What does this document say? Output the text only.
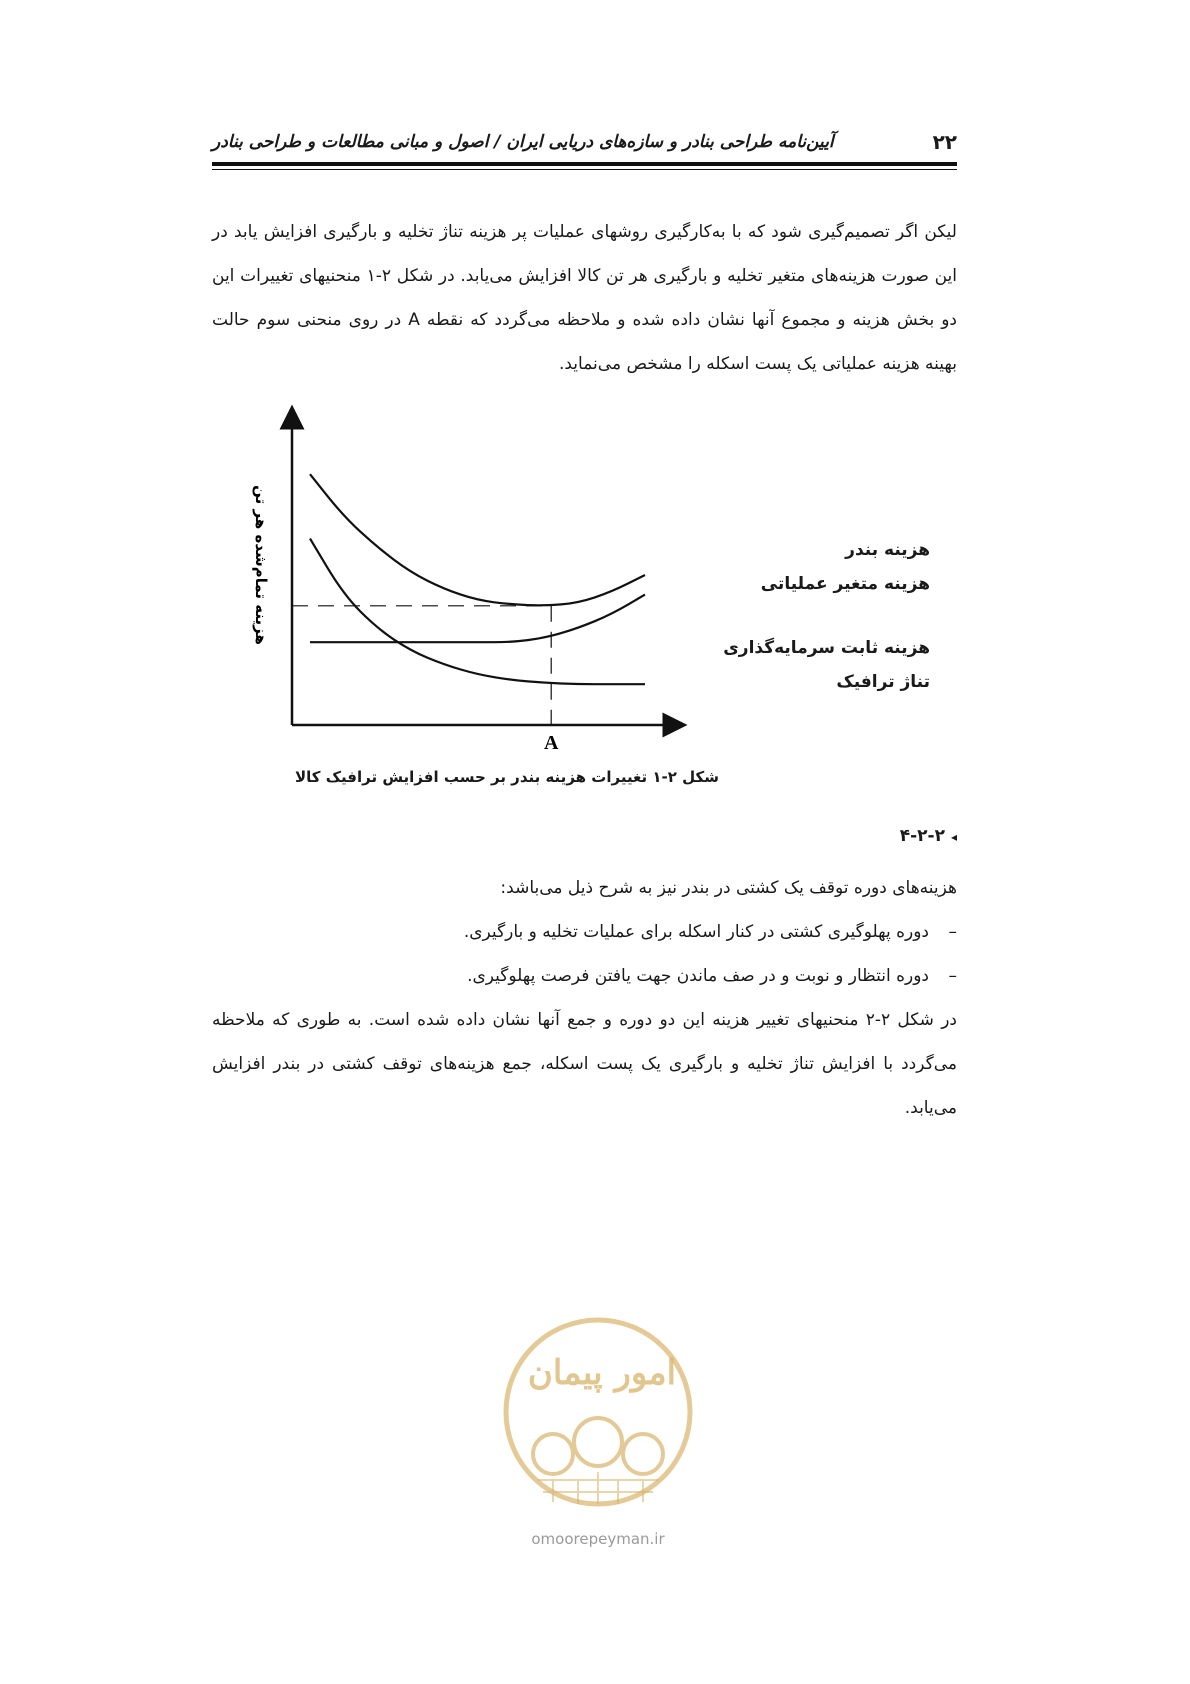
۲۲
آیین‌نامه طراحی بنادر و سازه‌های دریایی ایران / اصول و مبانی مطالعات و طراحی بنادر

لیکن اگر تصمیم‌گیری شود که با به‌کارگیری روشهای عملیات پر هزینه تناژ تخلیه و بارگیری افزایش یابد در این صورت هزینه‌های متغیر تخلیه و بارگیری هر تن کالا افزایش می‌یابد. در شکل ۲-۱ منحنیهای تغییرات این دو بخش هزینه و مجموع آنها نشان داده شده و ملاحظه می‌گردد که نقطه A در روی منحنی سوم حالت بهینه هزینه عملیاتی یک پست اسکله را مشخص می‌نماید.

A
هزینه تمام‌شده هر تن	هزینه بندر
هزینه متغیر عملیاتی
هزینه ثابت سرمایه‌گذاری
تناژ ترافیک
شکل ۲-۱ تغییرات هزینه بندر بر حسب افزایش ترافیک کالا
◂۴-۲-۲

هزینه‌های دوره توقف یک کشتی در بندر نیز به شرح ذیل می‌باشد:

–دوره پهلوگیری کشتی در کنار اسکله برای عملیات تخلیه و بارگیری.
–دوره انتظار و نوبت و در صف ماندن جهت یافتن فرصت پهلوگیری.

در شکل ۲-۲ منحنیهای تغییر هزینه این دو دوره و جمع آنها نشان داده شده است. به طوری که ملاحظه می‌گردد با افزایش تناژ تخلیه و بارگیری یک پست اسکله، جمع هزینه‌های توقف کشتی در بندر افزایش می‌یابد.

امور پیمان
omoorepeyman.ir
